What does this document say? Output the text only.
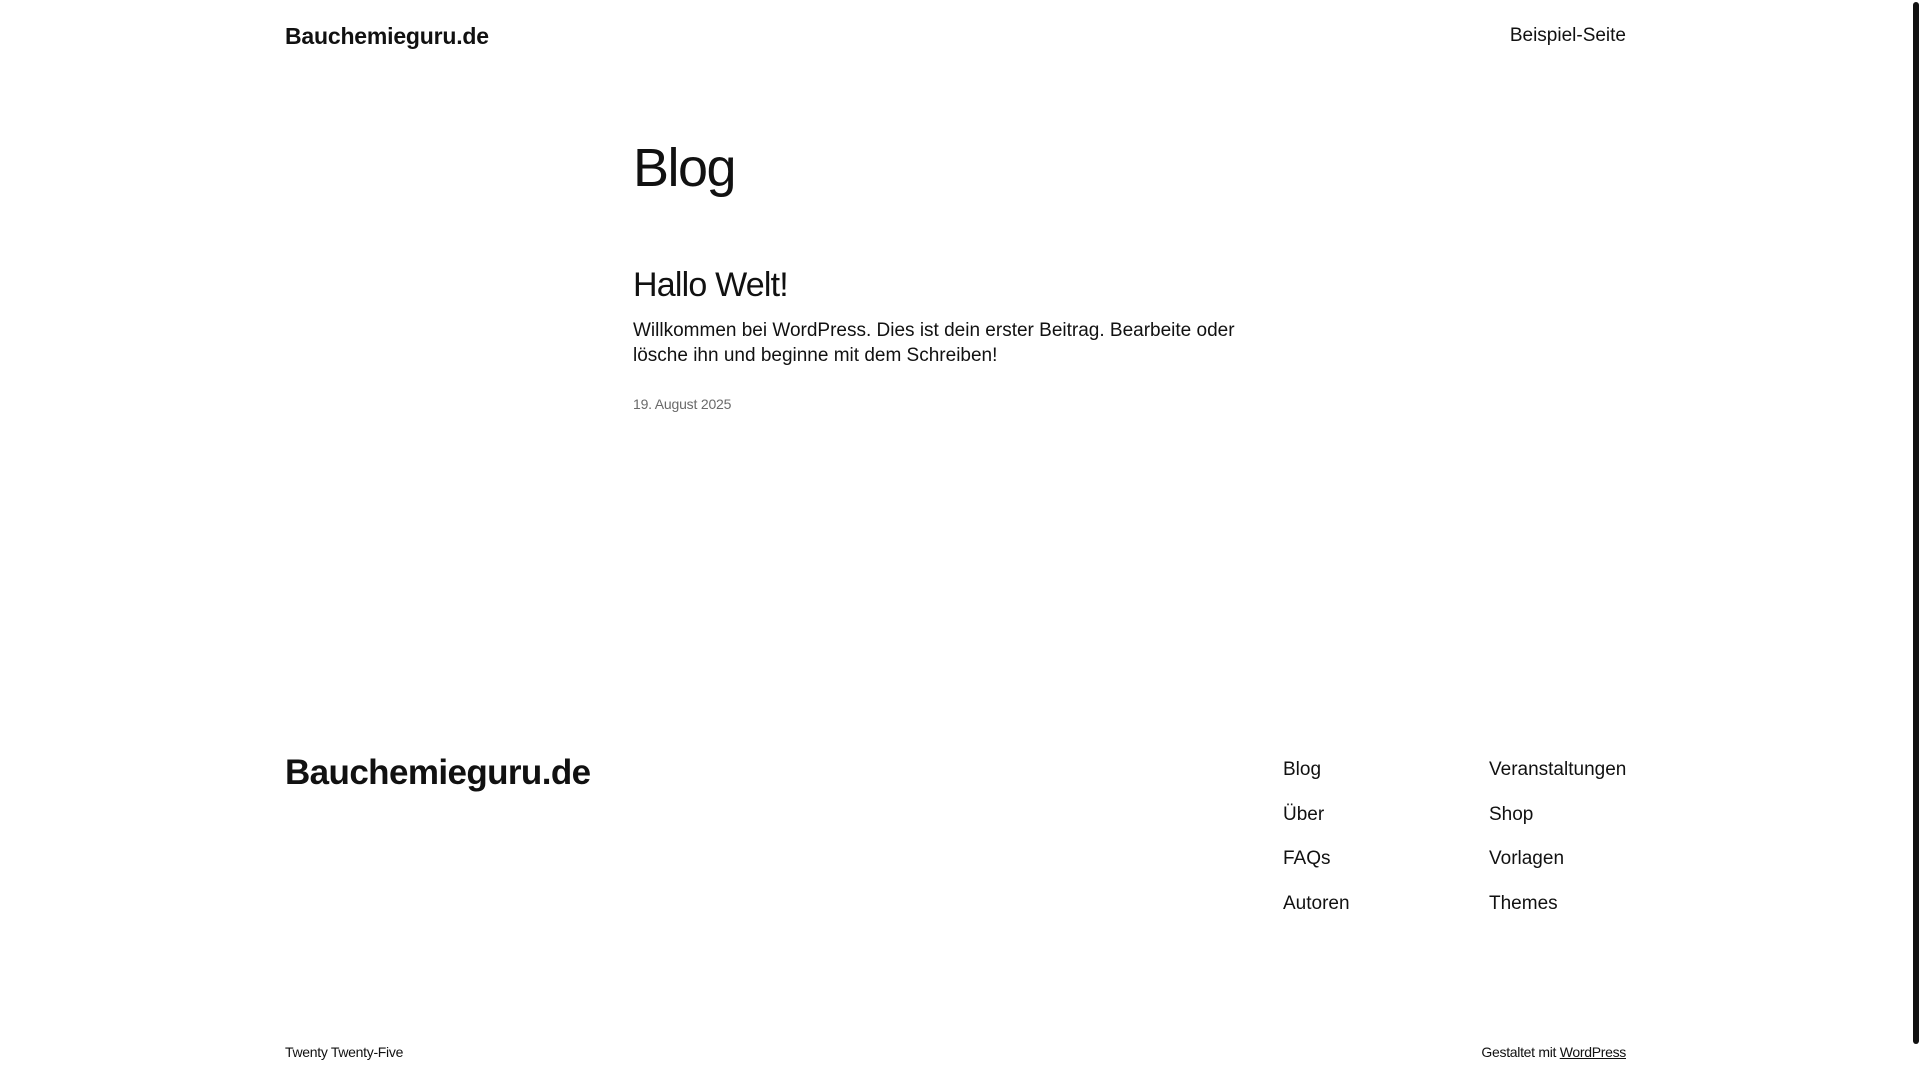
Bauchemieguru.de	Beispiel-Seite
Blog
Hallo Welt!

Willkommen bei WordPress. Dies ist dein erster Beitrag. Bearbeite oder lösche ihn und beginne mit dem Schreiben!

19. August 2025
Bauchemieguru.de	Blog
Über
FAQs
Autoren
Veranstaltungen
Shop
Vorlagen
Themes
Twenty Twenty-Five	Gestaltet mit WordPress
